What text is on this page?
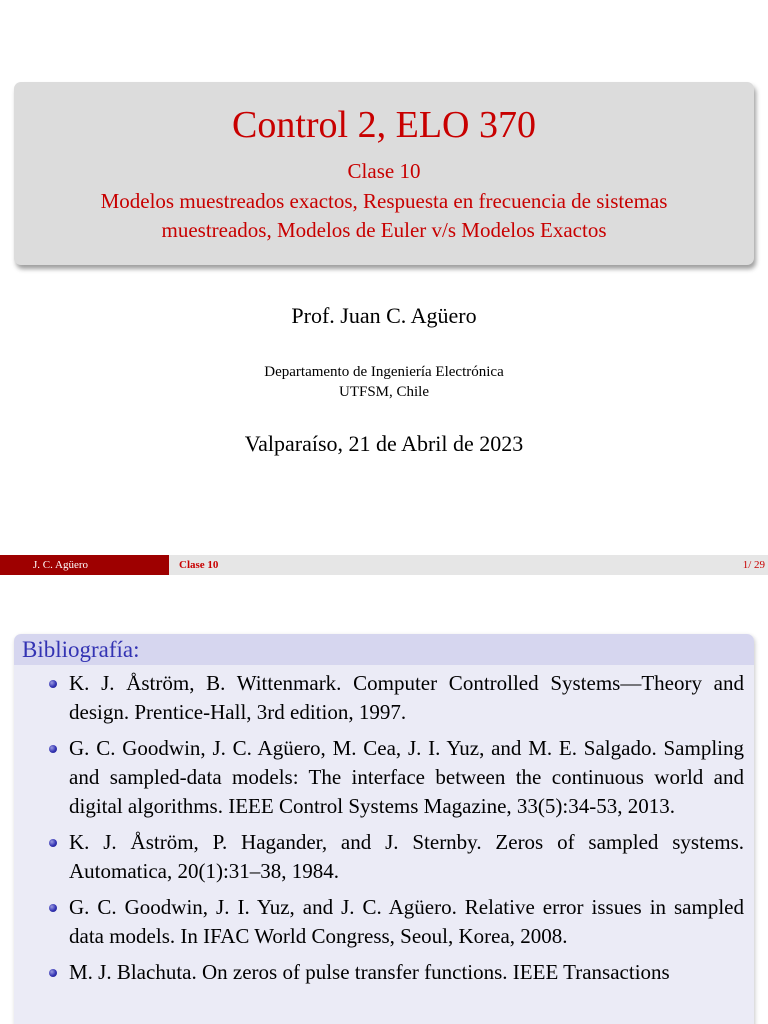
Control 2, ELO 370
Clase 10
Modelos muestreados exactos, Respuesta en frecuencia de sistemas muestreados, Modelos de Euler v/s Modelos Exactos
Prof. Juan C. Agüero
Departamento de Ingeniería Electrónica
UTFSM, Chile
Valparaíso, 21 de Abril de 2023
J. C. Agüero	Clase 10	1/ 29
Bibliografía:
K. J. Åström, B. Wittenmark. Computer Controlled Systems—Theory and design. Prentice-Hall, 3rd edition, 1997.
G. C. Goodwin, J. C. Agüero, M. Cea, J. I. Yuz, and M. E. Salgado. Sampling and sampled-data models: The interface between the continuous world and digital algorithms. IEEE Control Systems Magazine, 33(5):34-53, 2013.
K. J. Åström, P. Hagander, and J. Sternby. Zeros of sampled systems. Automatica, 20(1):31–38, 1984.
G. C. Goodwin, J. I. Yuz, and J. C. Agüero. Relative error issues in sampled data models. In IFAC World Congress, Seoul, Korea, 2008.
M. J. Blachuta. On zeros of pulse transfer functions. IEEE Transactions
